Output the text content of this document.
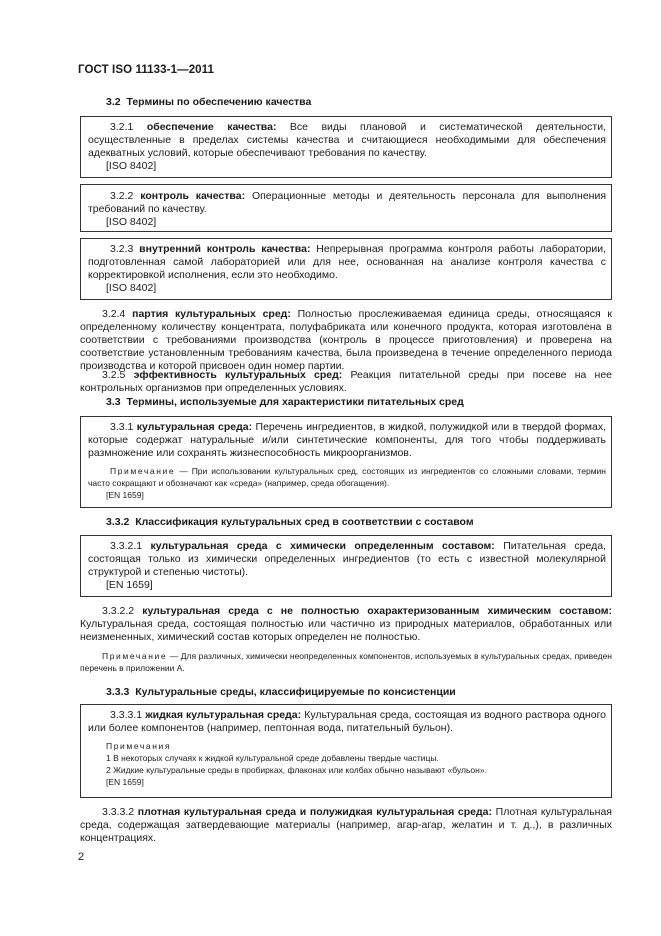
ГОСТ ISO 11133-1—2011
3.2 Термины по обеспечению качества

3.2.1 обеспечение качества: Все виды плановой и систематической деятельности, осуществленные в пределах системы качества и считающиеся необходимыми для обеспечения адекватных условий, которые обеспечивают требования по качеству.

[ISO 8402]

3.2.2 контроль качества: Операционные методы и деятельность персонала для выполнения требований по качеству.

[ISO 8402]

3.2.3 внутренний контроль качества: Непрерывная программа контроля работы лаборатории, подготовленная самой лабораторией или для нее, основанная на анализе контроля качества с корректировкой исполнения, если это необходимо.

[ISO 8402]

3.2.4 партия культуральных сред: Полностью прослеживаемая единица среды, относящаяся к определенному количеству концентрата, полуфабриката или конечного продукта, которая изготовлена в соответствии с требованиями производства (контроль в процессе приготовления) и проверена на соответствие установленным требованиям качества, была произведена в течение определенного периода производства и которой присвоен один номер партии.

3.2.5 эффективность культуральных сред: Реакция питательной среды при посеве на нее контрольных организмов при определенных условиях.

3.3 Термины, используемые для характеристики питательных сред

3.3.1 культуральная среда: Перечень ингредиентов, в жидкой, полужидкой или в твердой формах, которые содержат натуральные и/или синтетические компоненты, для того чтобы поддерживать размножение или сохранять жизнеспособность микроорганизмов.

Примечание — При использовании культуральных сред, состоящих из ингредиентов со сложными словами, термин часто сокращают и обозначают как «среда» (например, среда обогащения).

[EN 1659]

3.3.2 Классификация культуральных сред в соответствии с составом

3.3.2.1 культуральная среда с химически определенным составом: Питательная среда, состоящая только из химически определенных ингредиентов (то есть с известной молекулярной структурой и степенью чистоты).

[EN 1659]

3.3.2.2 культуральная среда с не полностью охарактеризованным химическим составом: Культуральная среда, состоящая полностью или частично из природных материалов, обработанных или неизмененных, химический состав которых определен не полностью.

Примечание — Для различных, химически неопределенных компонентов, используемых в культуральных средах, приведен перечень в приложении А.

3.3.3 Культуральные среды, классифицируемые по консистенции

3.3.3.1 жидкая культуральная среда: Культуральная среда, состоящая из водного раствора одного или более компонентов (например, пептонная вода, питательный бульон).

Примечания

1 В некоторых случаях к жидкой культуральной среде добавлены твердые частицы.

2 Жидкие культуральные среды в пробирках, флаконах или колбах обычно называют «бульон».

[EN 1659]

3.3.3.2 плотная культуральная среда и полужидкая культуральная среда: Плотная культуральная среда, содержащая затвердевающие материалы (например, агар-агар, желатин и т. д.,), в различных концентрациях.

2
